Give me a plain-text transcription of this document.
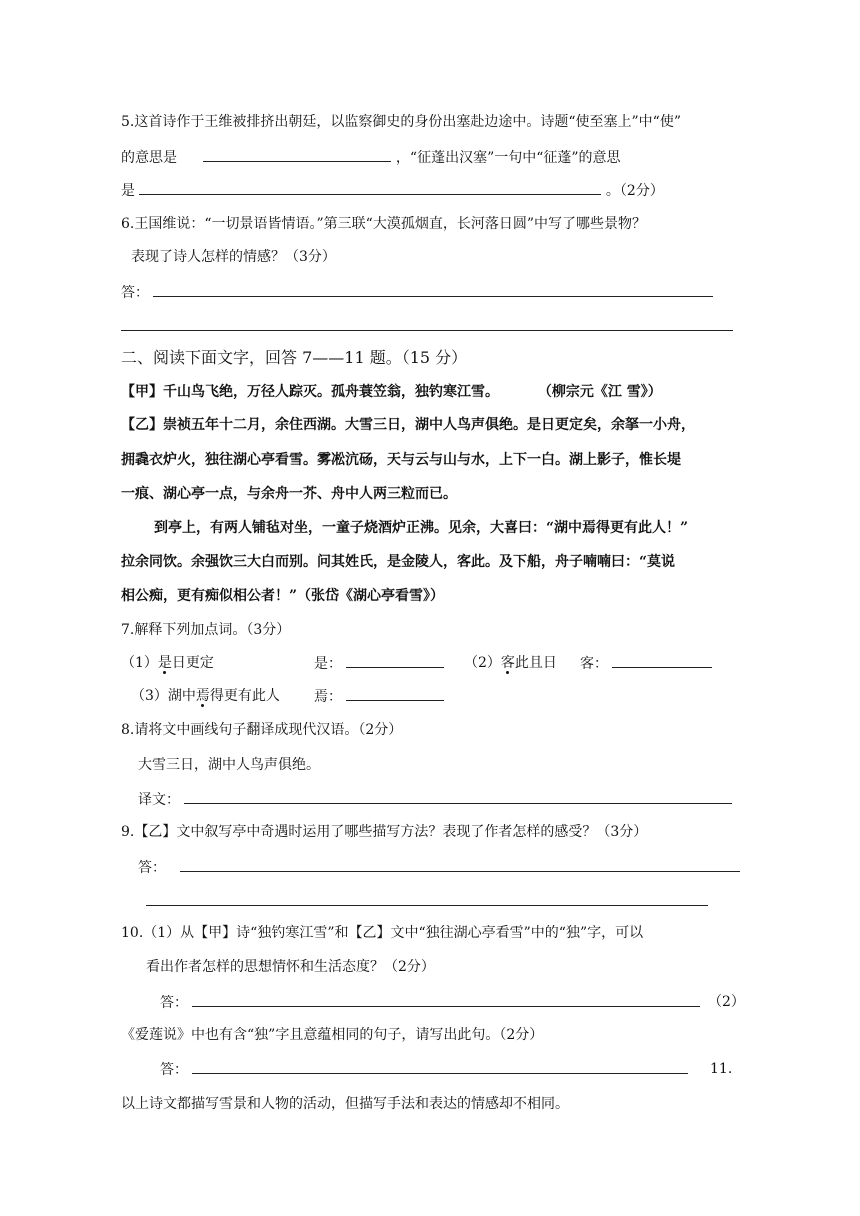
5.这首诗作于王维被排挤出朝廷，以监察御史的身份出塞赴边途中。诗题“使至塞上”中“使”
的意思是	，“征蓬出汉塞”一句中“征蓬”的意思
是	。（2分）
6.王国维说：“一切景语皆情语。”第三联“大漠孤烟直，长河落日圆”中写了哪些景物？
表现了诗人怎样的情感？（3分）
答：
二、阅读下面文字，回答 7——11 题。（15 分）
【甲】千山鸟飞绝，万径人踪灭。孤舟蓑笠翁，独钓寒江雪。	（柳宗元《江 雪》）
【乙】崇祯五年十二月，余住西湖。大雪三日，湖中人鸟声俱绝。是日更定矣，余拏一小舟，
拥毳衣炉火，独往湖心亭看雪。雾凇沆砀，天与云与山与水，上下一白。湖上影子，惟长堤
一痕、湖心亭一点，与余舟一芥、舟中人两三粒而已。
到亭上，有两人铺毡对坐，一童子烧酒炉正沸。见余，大喜曰：“湖中焉得更有此人！”
拉余同饮。余强饮三大白而别。问其姓氏，是金陵人，客此。及下船，舟子喃喃曰：“莫说
相公痴，更有痴似相公者！”（张岱《湖心亭看雪》）
7.解释下列加点词。（3分）
（1）是日更定	是：	（2）客此且日 客：
（3）湖中焉得更有此人 焉：
8.请将文中画线句子翻译成现代汉语。（2分）
大雪三日，湖中人鸟声俱绝。
译文：
9.【乙】文中叙写亭中奇遇时运用了哪些描写方法？表现了作者怎样的感受？（3分）
答：
10.（1）从【甲】诗“独钓寒江雪”和【乙】文中“独往湖心亭看雪”中的“独”字，可以
看出作者怎样的思想情怀和生活态度？（2分）
答：	（2）
《爱莲说》中也有含“独”字且意蕴相同的句子，请写出此句。（2分）
答：	11.
以上诗文都描写雪景和人物的活动，但描写手法和表达的情感却不相同。
